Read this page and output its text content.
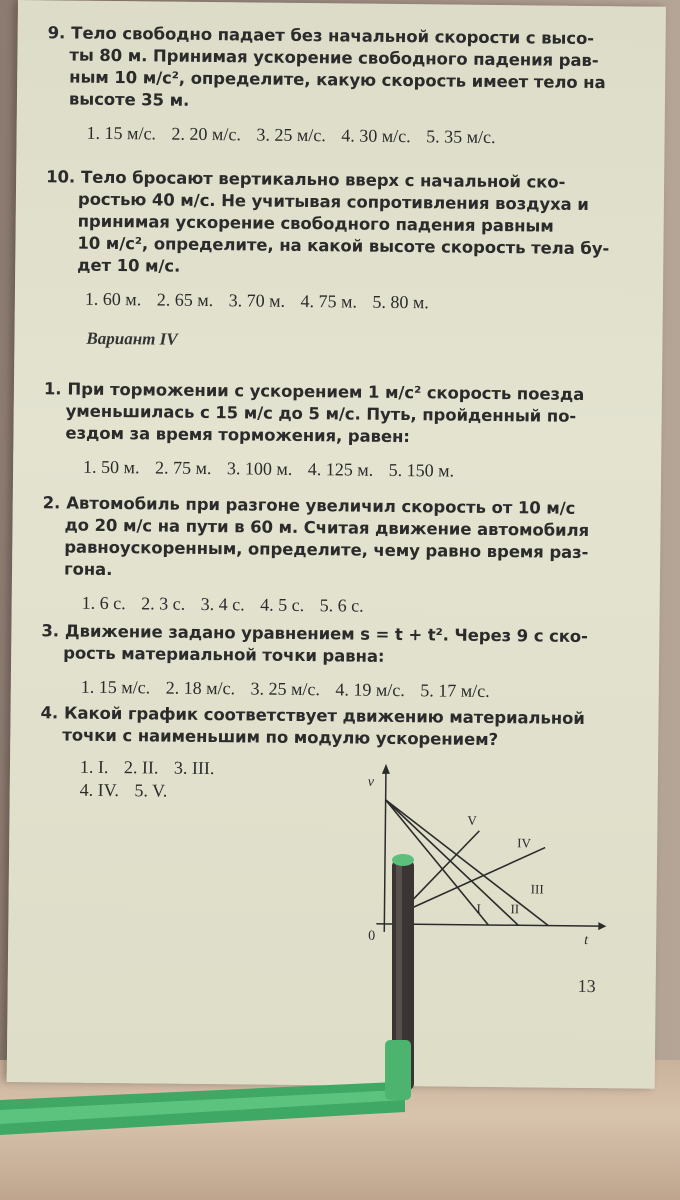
9. Тело свободно падает без начальной скорости с высо-
ты 80 м. Принимая ускорение свободного падения рав-
ным 10 м/с², определите, какую скорость имеет тело на
высоте 35 м.
1. 15 м/с. 2. 20 м/с. 3. 25 м/с. 4. 30 м/с. 5. 35 м/с.
10. Тело бросают вертикально вверх с начальной ско-
ростью 40 м/с. Не учитывая сопротивления воздуха и
принимая ускорение свободного падения равным
10 м/с², определите, на какой высоте скорость тела бу-
дет 10 м/с.
1. 60 м. 2. 65 м. 3. 70 м. 4. 75 м. 5. 80 м.
Вариант IV
1. При торможении с ускорением 1 м/с² скорость поезда
уменьшилась с 15 м/с до 5 м/с. Путь, пройденный по-
ездом за время торможения, равен:
1. 50 м. 2. 75 м. 3. 100 м. 4. 125 м. 5. 150 м.
2. Автомобиль при разгоне увеличил скорость от 10 м/с
до 20 м/с на пути в 60 м. Считая движение автомобиля
равноускоренным, определите, чему равно время раз-
гона.
1. 6 с. 2. 3 с. 3. 4 с. 4. 5 с. 5. 6 с.
3. Движение задано уравнением s = t + t². Через 9 с ско-
рость материальной точки равна:
1. 15 м/с. 2. 18 м/с. 3. 25 м/с. 4. 19 м/с. 5. 17 м/с.
4. Какой график соответствует движению материальной
точки с наименьшим по модулю ускорением?
1. I. 2. II. 3. III.
4. IV. 5. V.	v
t
0
I II
III
IV
V
13
